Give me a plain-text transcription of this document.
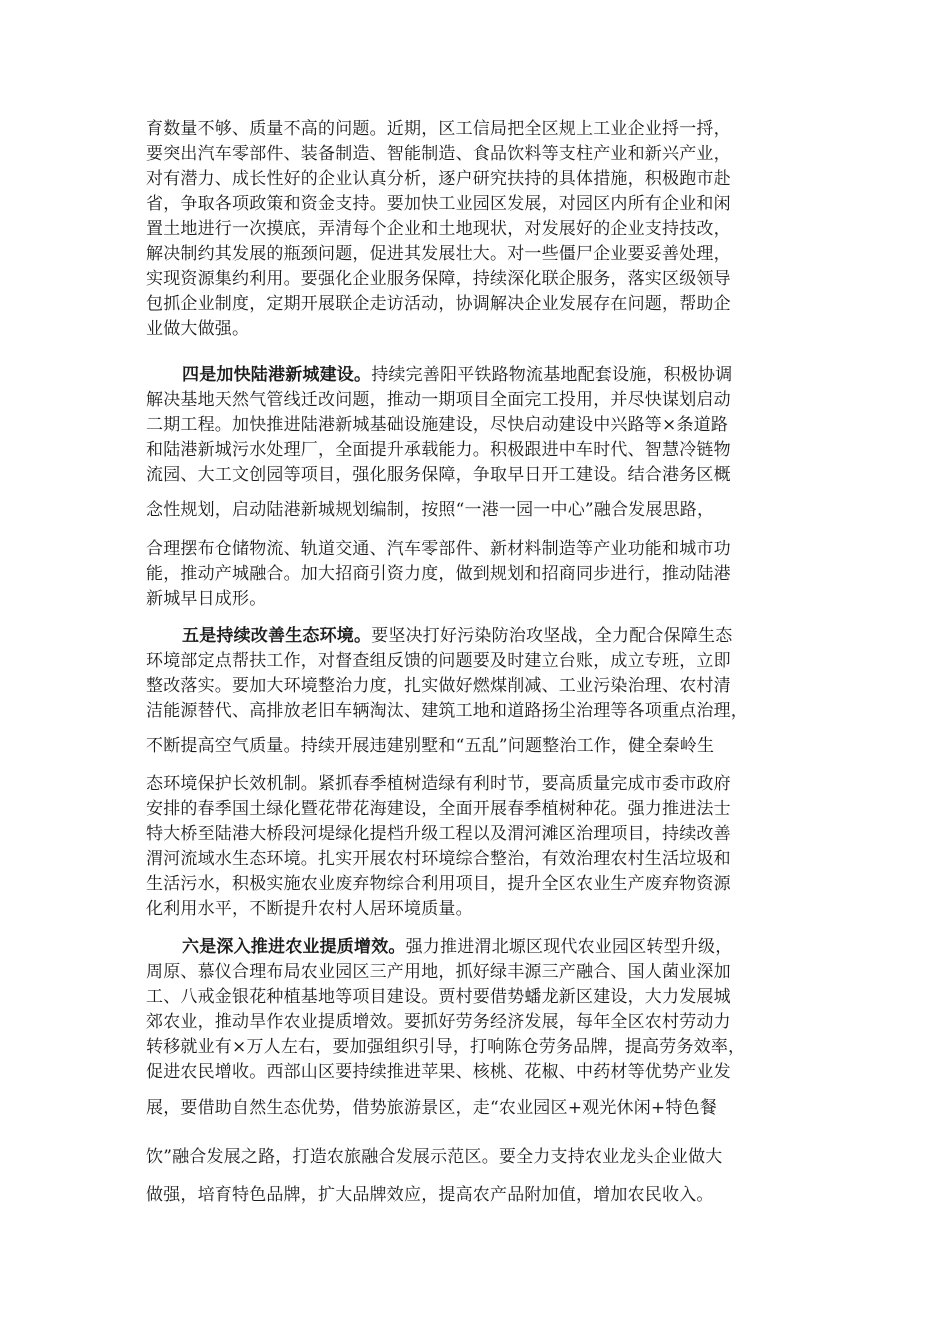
育数量不够、质量不高的问题。近期，区工信局把全区规上工业企业捋一捋，
要突出汽车零部件、装备制造、智能制造、食品饮料等支柱产业和新兴产业，
对有潜力、成长性好的企业认真分析，逐户研究扶持的具体措施，积极跑市赴
省，争取各项政策和资金支持。要加快工业园区发展，对园区内所有企业和闲
置土地进行一次摸底，弄清每个企业和土地现状，对发展好的企业支持技改，
解决制约其发展的瓶颈问题，促进其发展壮大。对一些僵尸企业要妥善处理，
实现资源集约利用。要强化企业服务保障，持续深化联企服务，落实区级领导
包抓企业制度，定期开展联企走访活动，协调解决企业发展存在问题，帮助企
业做大做强。
四是加快陆港新城建设。持续完善阳平铁路物流基地配套设施，积极协调
解决基地天然气管线迁改问题，推动一期项目全面完工投用，并尽快谋划启动
二期工程。加快推进陆港新城基础设施建设，尽快启动建设中兴路等×条道路
和陆港新城污水处理厂，全面提升承载能力。积极跟进中车时代、智慧冷链物
流园、大工文创园等项目，强化服务保障，争取早日开工建设。结合港务区概
念性规划，启动陆港新城规划编制，按照“一港一园一中心”融合发展思路，
合理摆布仓储物流、轨道交通、汽车零部件、新材料制造等产业功能和城市功
能，推动产城融合。加大招商引资力度，做到规划和招商同步进行，推动陆港
新城早日成形。
五是持续改善生态环境。要坚决打好污染防治攻坚战，全力配合保障生态
环境部定点帮扶工作，对督查组反馈的问题要及时建立台账，成立专班，立即
整改落实。要加大环境整治力度，扎实做好燃煤削减、工业污染治理、农村清
洁能源替代、高排放老旧车辆淘汰、建筑工地和道路扬尘治理等各项重点治理，
不断提高空气质量。持续开展违建别墅和“五乱”问题整治工作，健全秦岭生
态环境保护长效机制。紧抓春季植树造绿有利时节，要高质量完成市委市政府
安排的春季国土绿化暨花带花海建设，全面开展春季植树种花。强力推进法士
特大桥至陆港大桥段河堤绿化提档升级工程以及渭河滩区治理项目，持续改善
渭河流域水生态环境。扎实开展农村环境综合整治，有效治理农村生活垃圾和
生活污水，积极实施农业废弃物综合利用项目，提升全区农业生产废弃物资源
化利用水平，不断提升农村人居环境质量。
六是深入推进农业提质增效。强力推进渭北塬区现代农业园区转型升级，
周原、慕仪合理布局农业园区三产用地，抓好绿丰源三产融合、国人菌业深加
工、八戒金银花种植基地等项目建设。贾村要借势蟠龙新区建设，大力发展城
郊农业，推动旱作农业提质增效。要抓好劳务经济发展，每年全区农村劳动力
转移就业有×万人左右，要加强组织引导，打响陈仓劳务品牌，提高劳务效率，
促进农民增收。西部山区要持续推进苹果、核桃、花椒、中药材等优势产业发
展，要借助自然生态优势，借势旅游景区，走“农业园区+观光休闲+特色餐
饮”融合发展之路，打造农旅融合发展示范区。要全力支持农业龙头企业做大
做强，培育特色品牌，扩大品牌效应，提高农产品附加值，增加农民收入。
